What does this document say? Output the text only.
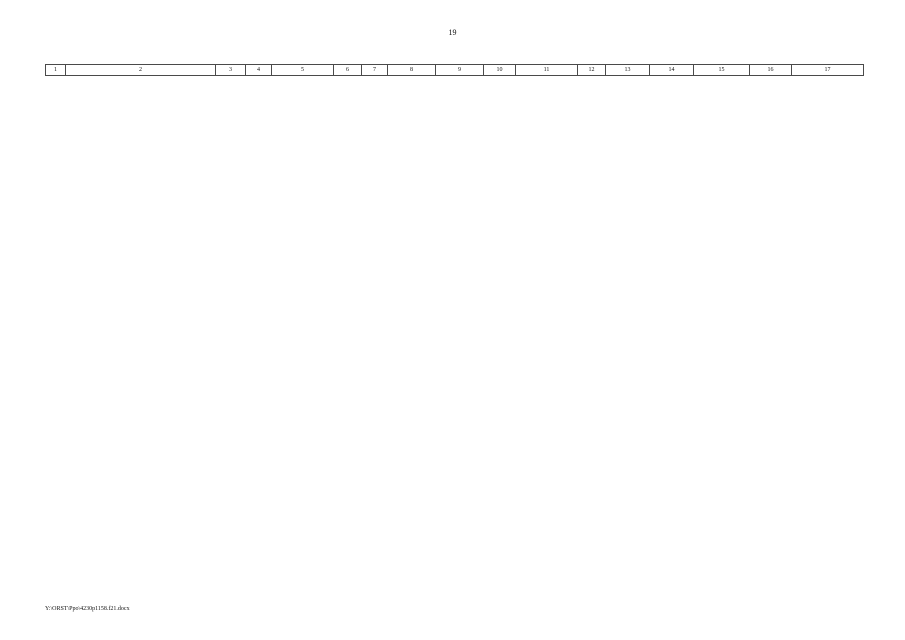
19
1	2	3	4	5	6	7	8	9	10	11	12	13	14	15	16	17
Y:\ORST\Ppo\4230p1158.f21.docx
